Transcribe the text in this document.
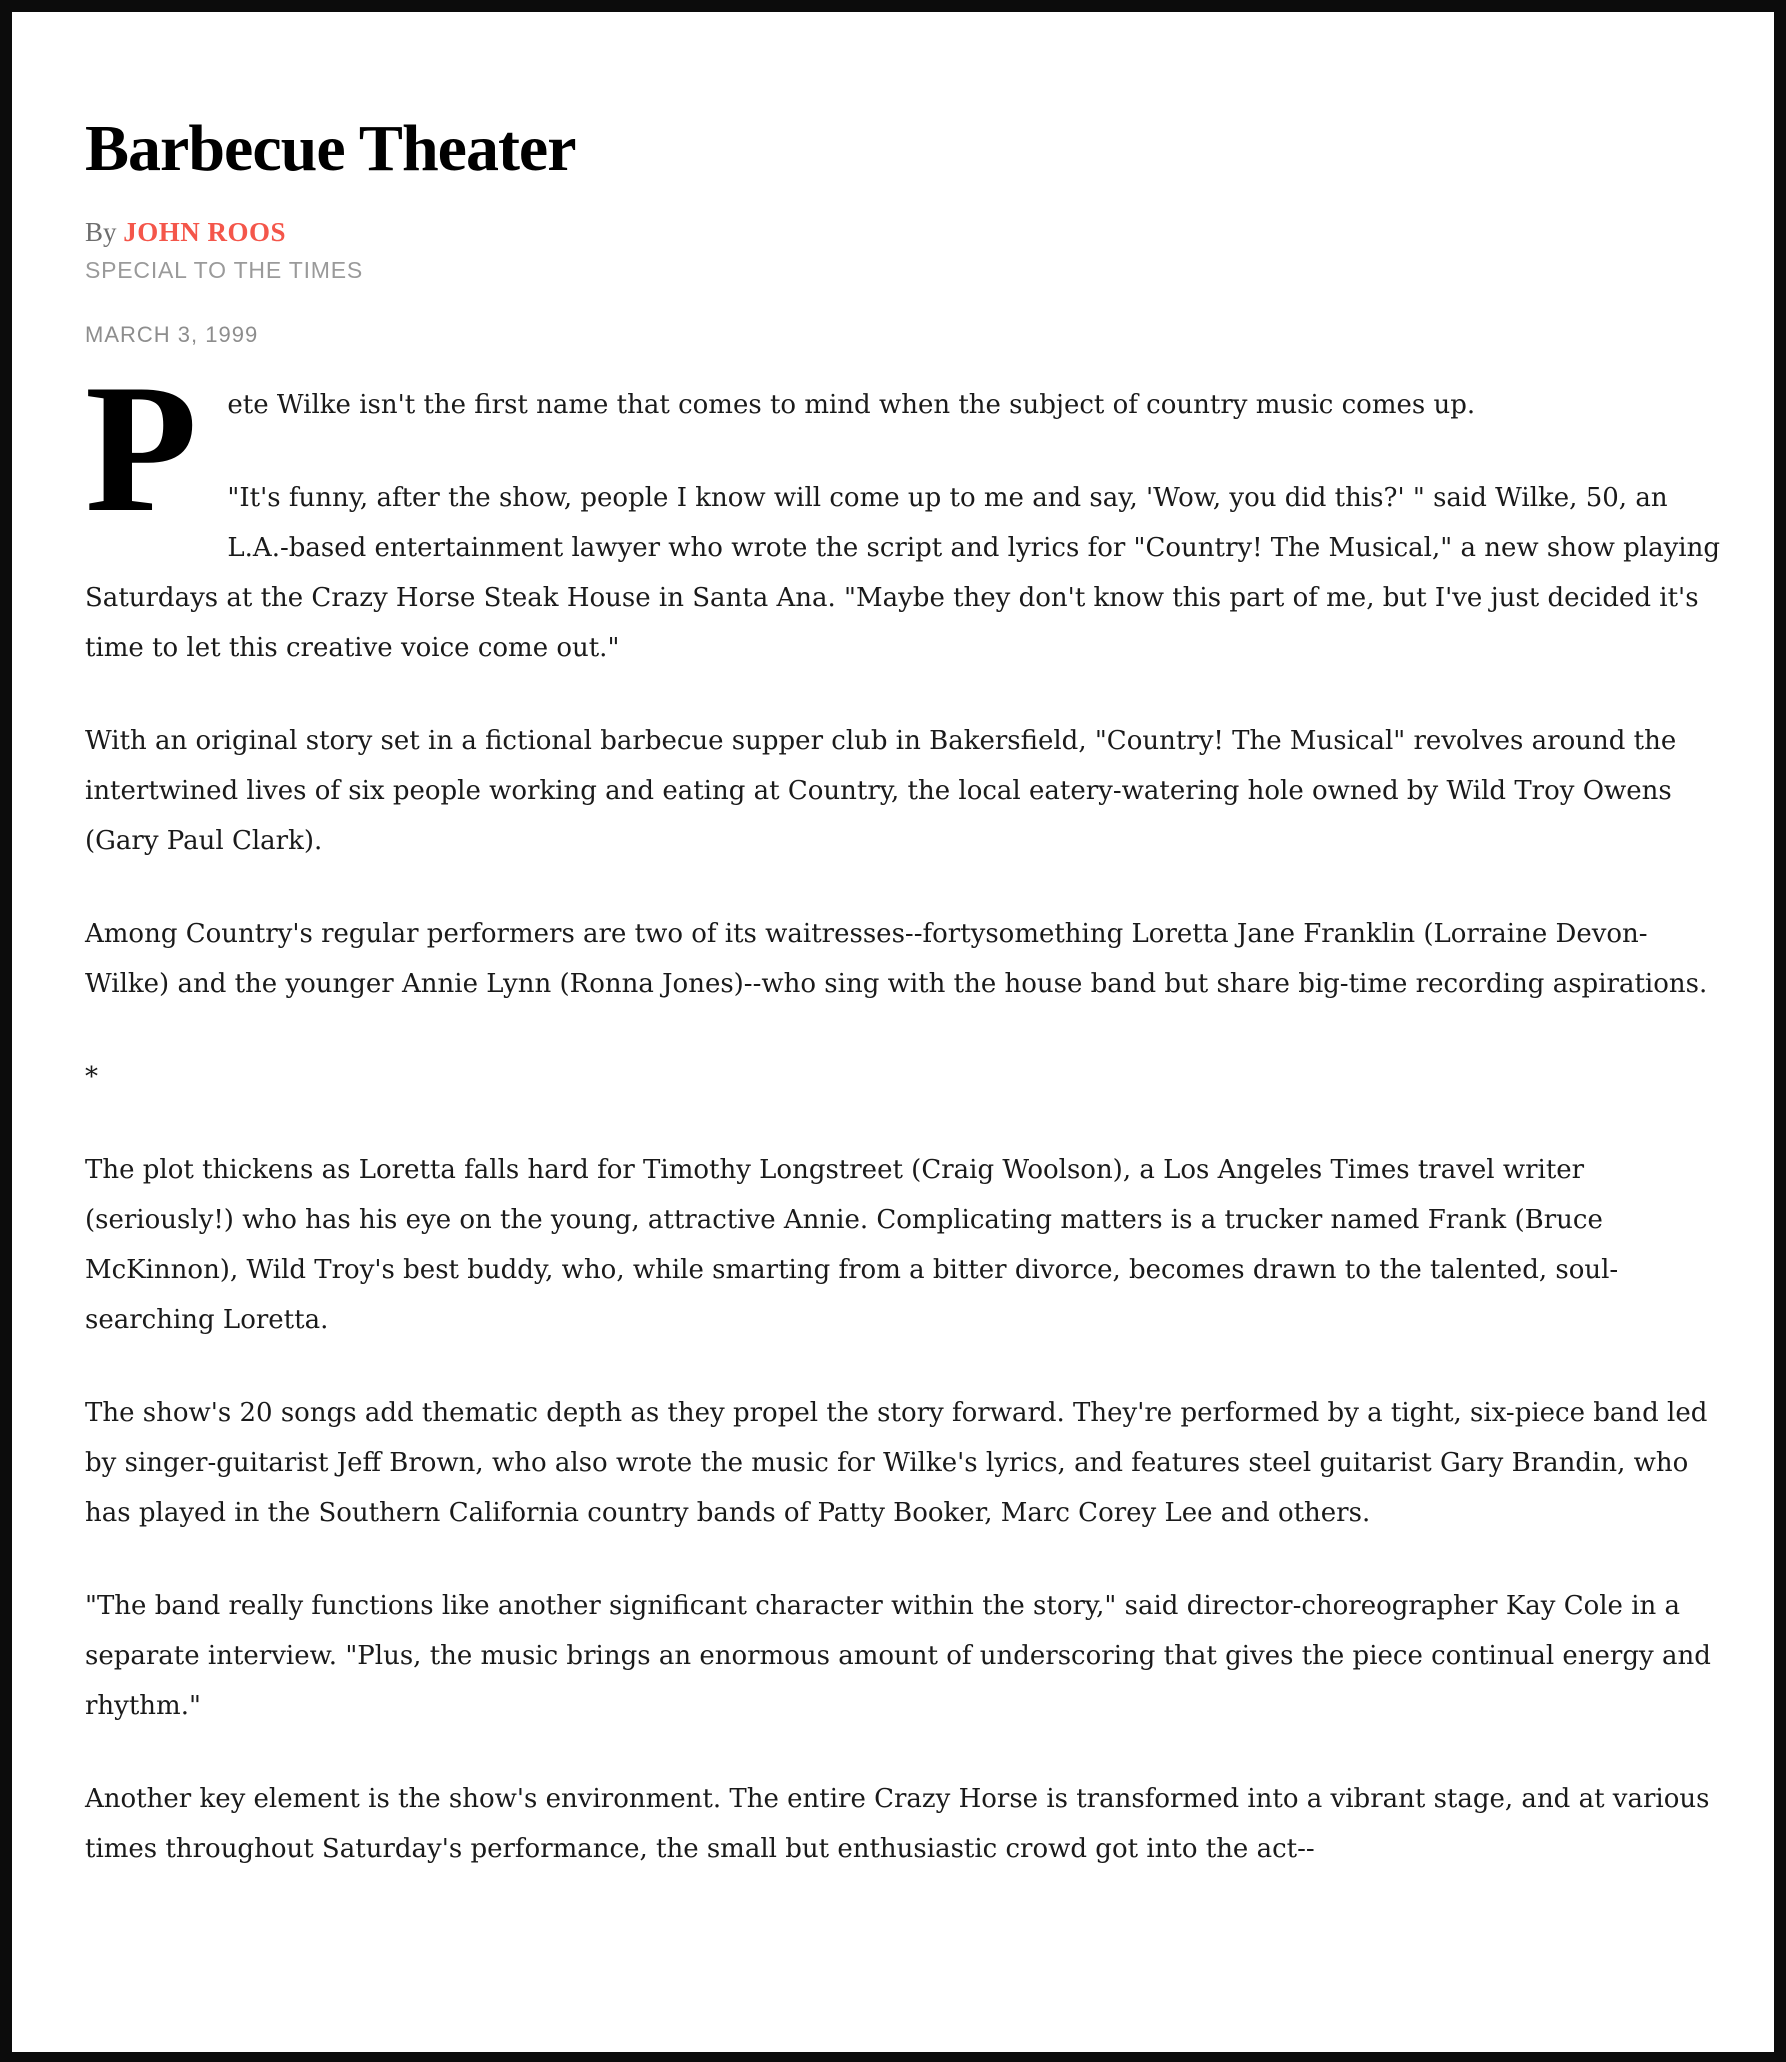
Barbecue Theater
By JOHN ROOS
SPECIAL TO THE TIMES
MARCH 3, 1999

P ete Wilke isn't the first name that comes to mind when the subject of country music comes up.

"It's funny, after the show, people I know will come up to me and say, 'Wow, you did this?' " said Wilke, 50, an L.A.-based entertainment lawyer who wrote the script and lyrics for "Country! The Musical," a new show playing Saturdays at the Crazy Horse Steak House in Santa Ana. "Maybe they don't know this part of me, but I've just decided it's time to let this creative voice come out."

With an original story set in a fictional barbecue supper club in Bakersfield, "Country! The Musical" revolves around the intertwined lives of six people working and eating at Country, the local eatery-watering hole owned by Wild Troy Owens (Gary Paul Clark).

Among Country's regular performers are two of its waitresses--fortysomething Loretta Jane Franklin (Lorraine Devon-Wilke) and the younger Annie Lynn (Ronna Jones)--who sing with the house band but share big-time recording aspirations.

*

The plot thickens as Loretta falls hard for Timothy Longstreet (Craig Woolson), a Los Angeles Times travel writer (seriously!) who has his eye on the young, attractive Annie. Complicating matters is a trucker named Frank (Bruce McKinnon), Wild Troy's best buddy, who, while smarting from a bitter divorce, becomes drawn to the talented, soul-searching Loretta.

The show's 20 songs add thematic depth as they propel the story forward. They're performed by a tight, six-piece band led by singer-guitarist Jeff Brown, who also wrote the music for Wilke's lyrics, and features steel guitarist Gary Brandin, who has played in the Southern California country bands of Patty Booker, Marc Corey Lee and others.

"The band really functions like another significant character within the story," said director-choreographer Kay Cole in a separate interview. "Plus, the music brings an enormous amount of underscoring that gives the piece continual energy and rhythm."

Another key element is the show's environment. The entire Crazy Horse is transformed into a vibrant stage, and at various times throughout Saturday's performance, the small but enthusiastic crowd got into the act--
